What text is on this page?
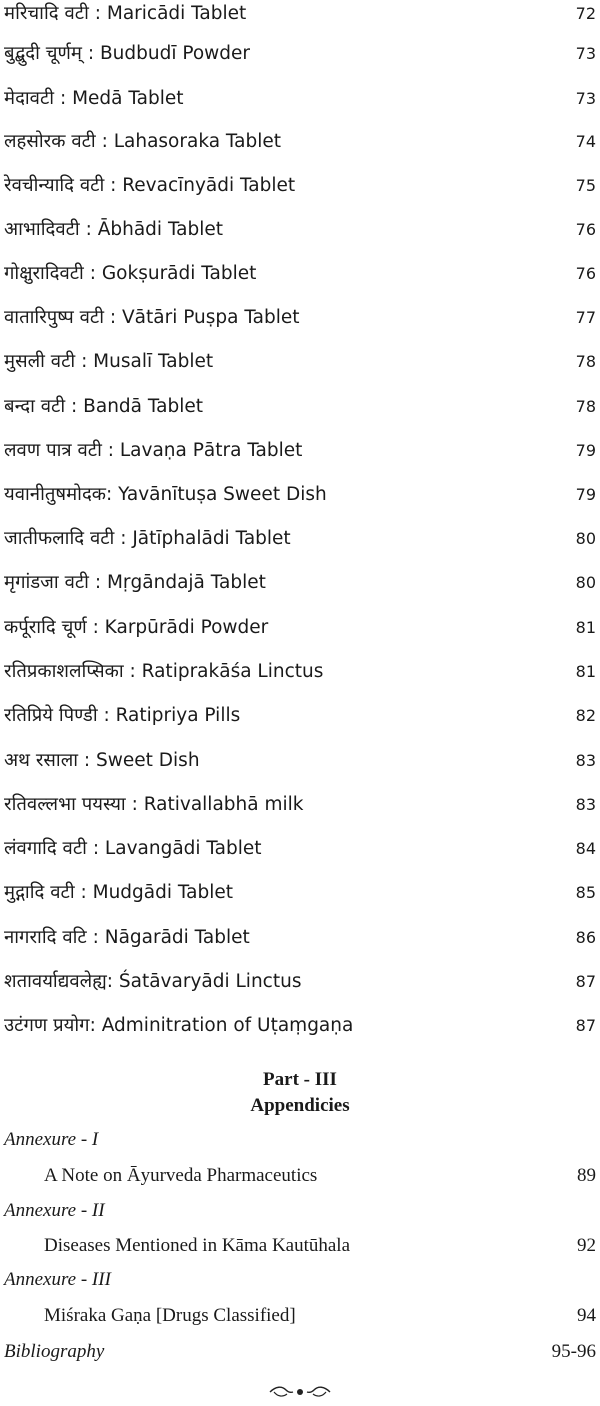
मरिचादि वटी : Maricādi Tablet	72
बुद्बुदी चूर्णम् : Budbudī Powder	73
मेदावटी : Medā Tablet	73
लहसोरक वटी : Lahasoraka Tablet	74
रेवचीन्यादि वटी : Revacīnyādi Tablet	75
आभादिवटी : Ābhādi Tablet	76
गोक्षुरादिवटी : Gokṣurādi Tablet	76
वातारिपुष्प वटी : Vātāri Puṣpa Tablet	77
मुसली वटी : Musalī Tablet	78
बन्दा वटी : Bandā Tablet	78
लवण पात्र वटी : Lavaṇa Pātra Tablet	79
यवानीतुषमोदक: Yavānītuṣa Sweet Dish	79
जातीफलादि वटी : Jātīphalādi Tablet	80
मृगांडजा वटी : Mṛgāndajā Tablet	80
कर्पूरादि चूर्ण : Karpūrādi Powder	81
रतिप्रकाशलप्सिका : Ratiprakāśa Linctus	81
रतिप्रिये पिण्डी : Ratipriya Pills	82
अथ रसाला : Sweet Dish	83
रतिवल्लभा पयस्या : Rativallabhā milk	83
लंवगादि वटी : Lavangādi Tablet	84
मुद्गादि वटी : Mudgādi Tablet	85
नागरादि वटि : Nāgarādi Tablet	86
शतावर्याद्यवलेह्य: Śatāvaryādi Linctus	87
उटंगण प्रयोग: Adminitration of Uṭaṃgaṇa	87
Part - III
Appendicies
Annexure - I
A Note on Āyurveda Pharmaceutics	89
Annexure - II
Diseases Mentioned in Kāma Kautūhala	92
Annexure - III
Miśraka Gaṇa [Drugs Classified]	94
Bibliography	95-96
